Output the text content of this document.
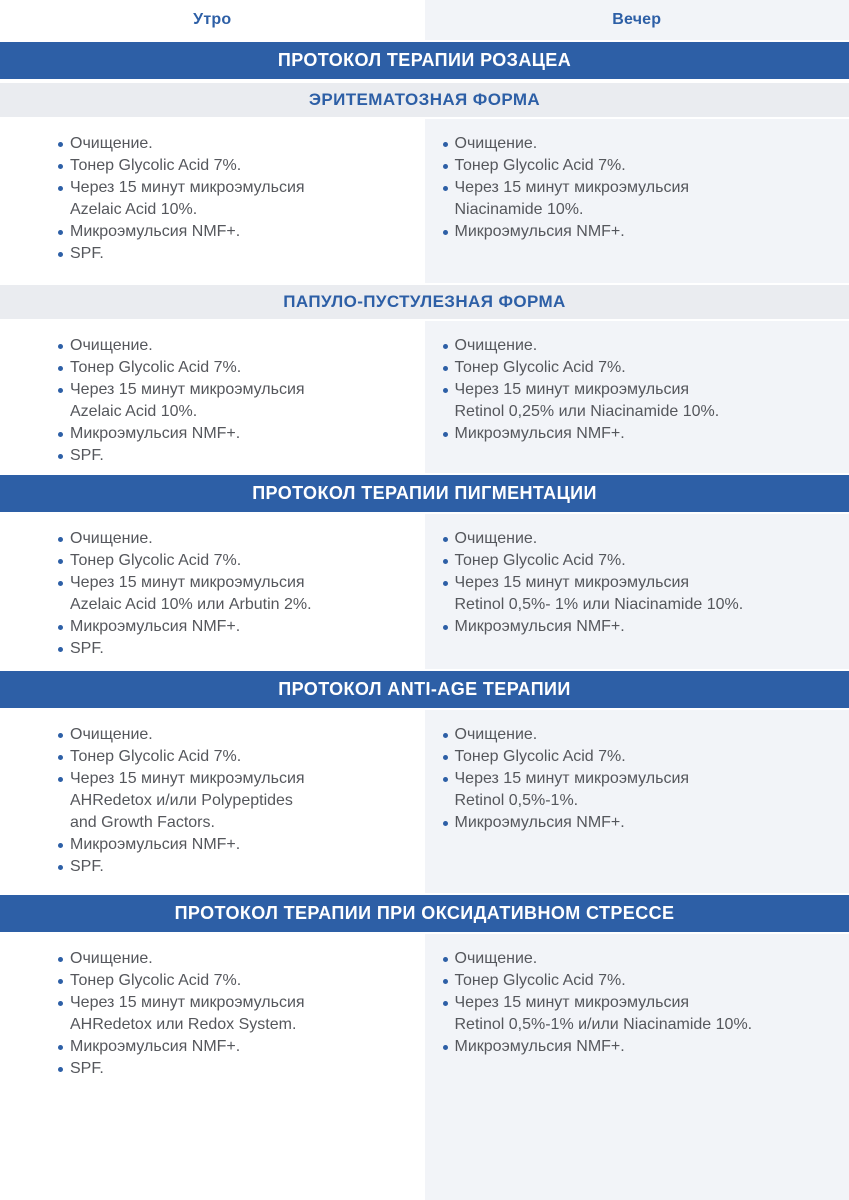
Утро	Вечер
ПРОТОКОЛ ТЕРАПИИ РОЗАЦЕА
ЭРИТЕМАТОЗНАЯ ФОРМА
Очищение.
Тонер Glycolic Acid 7%.
Через 15 минут микроэмульсия
Azelaic Acid 10%.
Микроэмульсия NMF+.
SPF.
Очищение.
Тонер Glycolic Acid 7%.
Через 15 минут микроэмульсия
Niacinamide 10%.
Микроэмульсия NMF+.
ПАПУЛО-ПУСТУЛЕЗНАЯ ФОРМА
Очищение.
Тонер Glycolic Acid 7%.
Через 15 минут микроэмульсия
Azelaic Acid 10%.
Микроэмульсия NMF+.
SPF.
Очищение.
Тонер Glycolic Acid 7%.
Через 15 минут микроэмульсия
Retinol 0,25% или Niacinamide 10%.
Микроэмульсия NMF+.
ПРОТОКОЛ ТЕРАПИИ ПИГМЕНТАЦИИ
Очищение.
Тонер Glycolic Acid 7%.
Через 15 минут микроэмульсия
Azelaic Acid 10% или Arbutin 2%.
Микроэмульсия NMF+.
SPF.
Очищение.
Тонер Glycolic Acid 7%.
Через 15 минут микроэмульсия
Retinol 0,5%- 1% или Niacinamide 10%.
Микроэмульсия NMF+.
ПРОТОКОЛ ANTI-AGE ТЕРАПИИ
Очищение.
Тонер Glycolic Acid 7%.
Через 15 минут микроэмульсия
AHRedetox и/или Polypeptides
and Growth Factors.
Микроэмульсия NMF+.
SPF.
Очищение.
Тонер Glycolic Acid 7%.
Через 15 минут микроэмульсия
Retinol 0,5%-1%.
Микроэмульсия NMF+.
ПРОТОКОЛ ТЕРАПИИ ПРИ ОКСИДАТИВНОМ СТРЕССЕ
Очищение.
Тонер Glycolic Acid 7%.
Через 15 минут микроэмульсия
AHRedetox или Redox System.
Микроэмульсия NMF+.
SPF.
Очищение.
Тонер Glycolic Acid 7%.
Через 15 минут микроэмульсия
Retinol 0,5%-1% и/или Niacinamide 10%.
Микроэмульсия NMF+.
